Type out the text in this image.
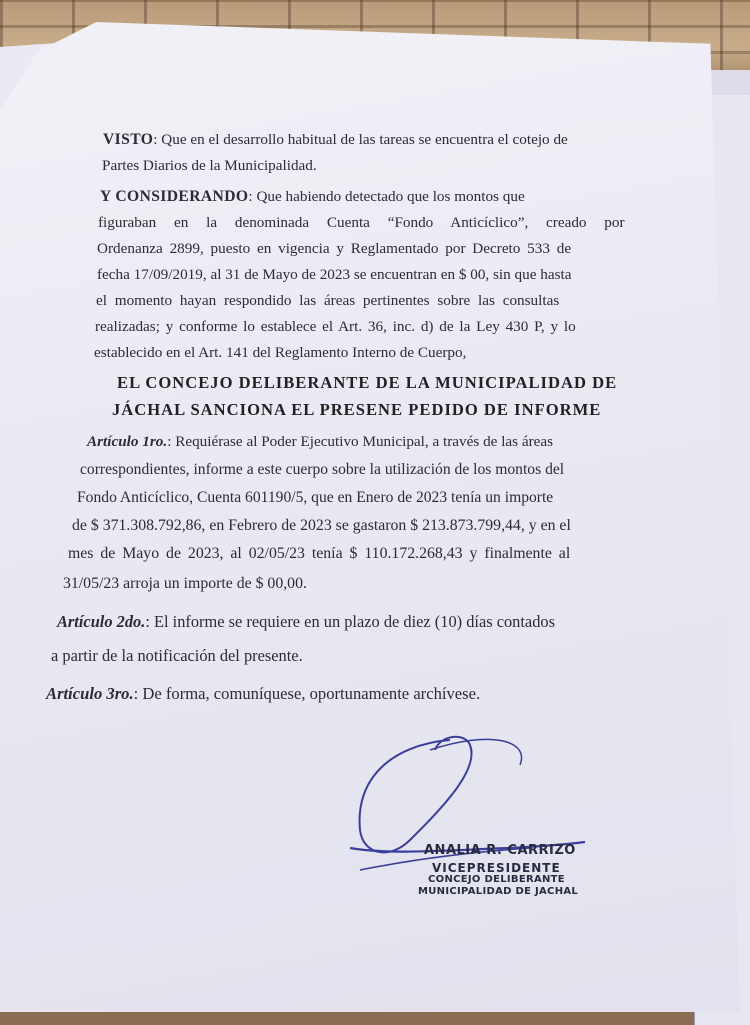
VISTO: Que en el desarrollo habitual de las tareas se encuentra el cotejo de
Partes Diarios de la Municipalidad.
Y CONSIDERANDO: Que habiendo detectado que los montos que
figuraban en la denominada Cuenta “Fondo Anticíclico”, creado por
Ordenanza 2899, puesto en vigencia y Reglamentado por Decreto 533 de
fecha 17/09/2019, al 31 de Mayo de 2023 se encuentran en $ 00, sin que hasta
el momento hayan respondido las áreas pertinentes sobre las consultas
realizadas; y conforme lo establece el Art. 36, inc. d) de la Ley 430 P, y lo
establecido en el Art. 141 del Reglamento Interno de Cuerpo,
EL CONCEJO DELIBERANTE DE LA MUNICIPALIDAD DE
JÁCHAL SANCIONA EL PRESENE PEDIDO DE INFORME
Artículo 1ro.: Requiérase al Poder Ejecutivo Municipal, a través de las áreas
correspondientes, informe a este cuerpo sobre la utilización de los montos del
Fondo Anticíclico, Cuenta 601190/5, que en Enero de 2023 tenía un importe
de $ 371.308.792,86, en Febrero de 2023 se gastaron $ 213.873.799,44, y en el
mes de Mayo de 2023, al 02/05/23 tenía $ 110.172.268,43 y finalmente al
31/05/23 arroja un importe de $ 00,00.
Artículo 2do.: El informe se requiere en un plazo de diez (10) días contados
a partir de la notificación del presente.
Artículo 3ro.: De forma, comuníquese, oportunamente archívese.
ANALIA R. CARRIZO
VICEPRESIDENTE
CONCEJO DELIBERANTE
MUNICIPALIDAD DE JACHAL
